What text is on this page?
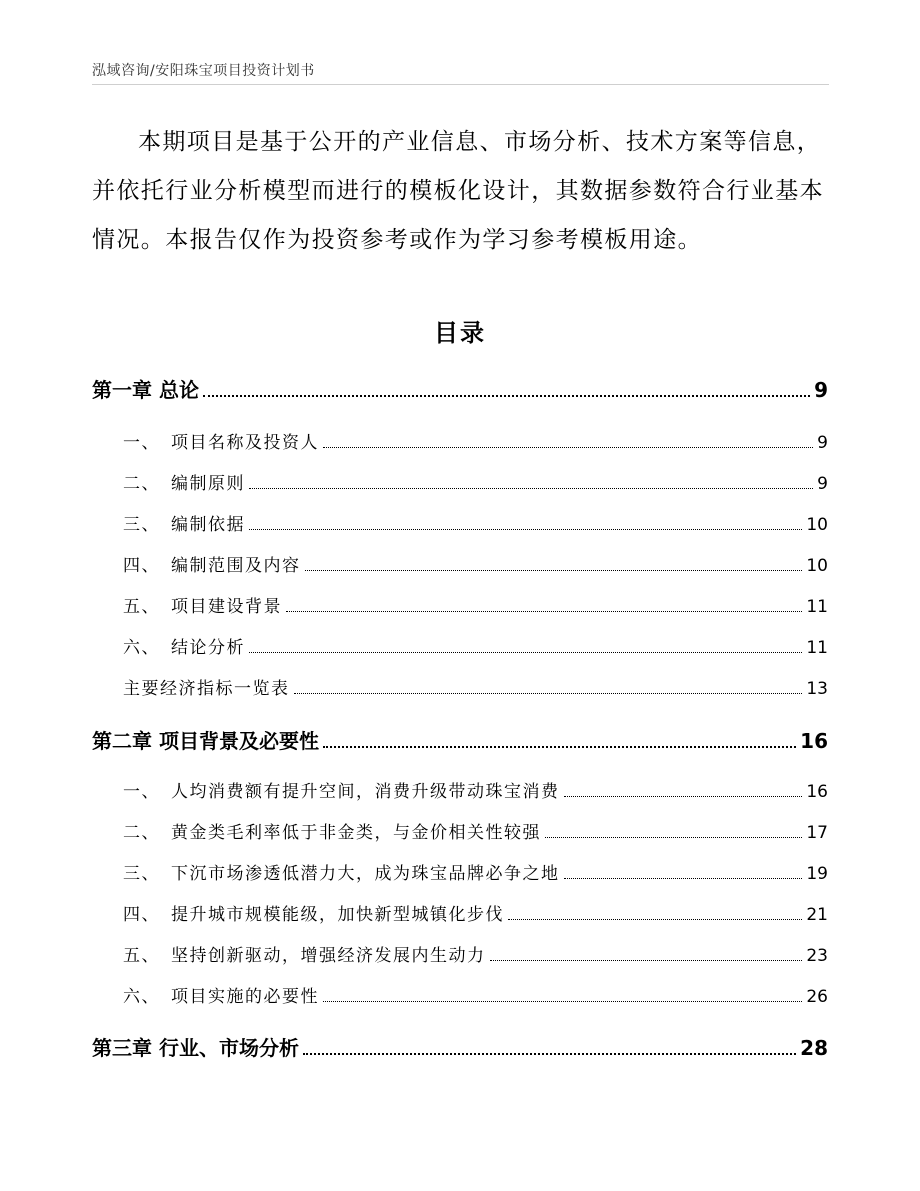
泓域咨询/安阳珠宝项目投资计划书

本期项目是基于公开的产业信息、市场分析、技术方案等信息，并依托行业分析模型而进行的模板化设计，其数据参数符合行业基本情况。本报告仅作为投资参考或作为学习参考模板用途。

目录
第一章 总论	9
一、 项目名称及投资人	9
二、 编制原则	9
三、 编制依据	10
四、 编制范围及内容	10
五、 项目建设背景	11
六、 结论分析	11
主要经济指标一览表	13
第二章 项目背景及必要性	16
一、 人均消费额有提升空间，消费升级带动珠宝消费	16
二、 黄金类毛利率低于非金类，与金价相关性较强	17
三、 下沉市场渗透低潜力大，成为珠宝品牌必争之地	19
四、 提升城市规模能级，加快新型城镇化步伐	21
五、 坚持创新驱动，增强经济发展内生动力	23
六、 项目实施的必要性	26
第三章 行业、市场分析	28
